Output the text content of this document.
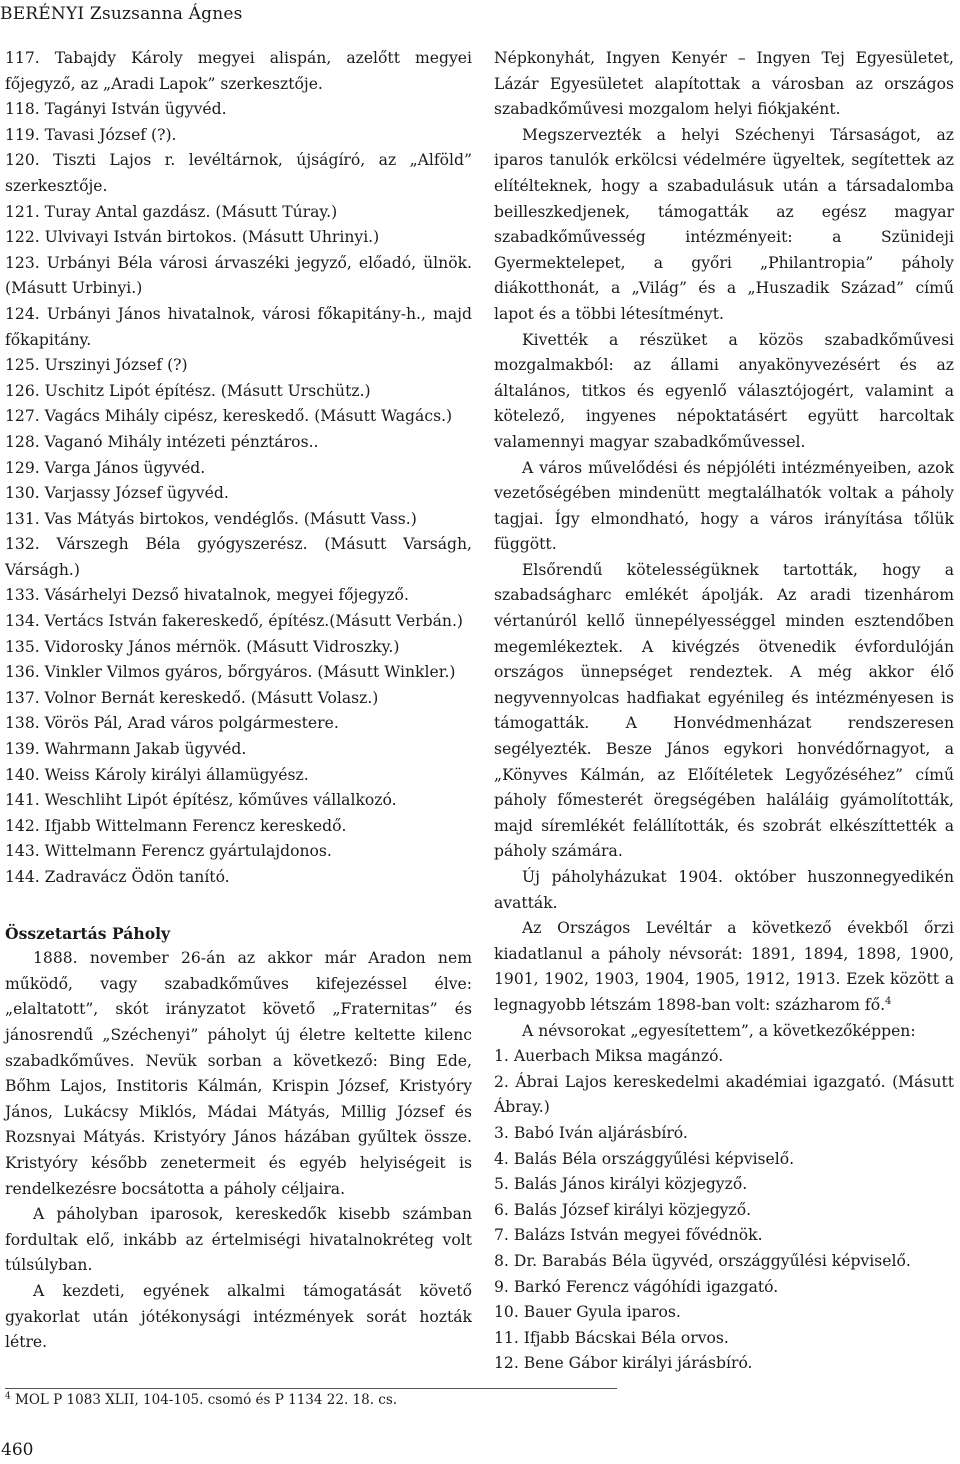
BERÉNYI Zsuzsanna Ágnes

117. Tabajdy Károly megyei alispán, azelőtt megyei főjegyző, az „Aradi Lapok” szerkesztője.

118. Tagányi István ügyvéd.

119. Tavasi József (?).

120. Tiszti Lajos r. levéltárnok, újságíró, az „Alföld” szerkesztője.

121. Turay Antal gazdász. (Másutt Túray.)

122. Ulvivayi István birtokos. (Másutt Uhrinyi.)

123. Urbányi Béla városi árvaszéki jegyző, előadó, ülnök. (Másutt Urbinyi.)

124. Urbányi János hivatalnok, városi főkapitány-h., majd főkapitány.

125. Urszinyi József (?)

126. Uschitz Lipót építész. (Másutt Urschütz.)

127. Vagács Mihály cipész, kereskedő. (Másutt Wagács.)

128. Vaganó Mihály intézeti pénztáros..

129. Varga János ügyvéd.

130. Varjassy József ügyvéd.

131. Vas Mátyás birtokos, vendéglős. (Másutt Vass.)

132. Várszegh Béla gyógyszerész. (Másutt Varságh, Várságh.)

133. Vásárhelyi Dezső hivatalnok, megyei főjegyző.

134. Vertács István fakereskedő, építész.(Másutt Verbán.)

135. Vidorosky János mérnök. (Másutt Vidroszky.)

136. Vinkler Vilmos gyáros, bőrgyáros. (Másutt Winkler.)

137. Volnor Bernát kereskedő. (Másutt Volasz.)

138. Vörös Pál, Arad város polgármestere.

139. Wahrmann Jakab ügyvéd.

140. Weiss Károly királyi államügyész.

141. Weschliht Lipót építész, kőműves vállalkozó.

142. Ifjabb Wittelmann Ferencz kereskedő.

143. Wittelmann Ferencz gyártulajdonos.

144. Zadravácz Ödön tanító.

Összetartás Páholy

1888. november 26-án az akkor már Aradon nem működő, vagy szabadkőműves kifejezéssel élve: „elaltatott”, skót irányzatot követő „Fraternitas” és jánosrendű „Széchenyi” páholyt új életre keltette kilenc szabadkőműves. Nevük sorban a következő: Bing Ede, Bőhm Lajos, Institoris Kálmán, Krispin József, Kristyóry János, Lukácsy Miklós, Mádai Mátyás, Millig József és Rozsnyai Mátyás. Kristyóry János házában gyűltek össze. Kristyóry később zenetermeit és egyéb helyiségeit is rendelkezésre bocsátotta a páholy céljaira.

A páholyban iparosok, kereskedők kisebb számban fordultak elő, inkább az értelmiségi hivatalnokréteg volt túlsúlyban.

A kezdeti, egyének alkalmi támogatását követő gyakorlat után jótékonysági intézmények sorát hozták létre.

Népkonyhát, Ingyen Kenyér – Ingyen Tej Egyesületet, Lázár Egyesületet alapítottak a városban az országos szabadkőművesi mozgalom helyi fiókjaként.

Megszervezték a helyi Széchenyi Társaságot, az iparos tanulók erkölcsi védelmére ügyeltek, segítettek az elítélteknek, hogy a szabadulásuk után a társadalomba beilleszkedjenek, támogatták az egész magyar szabadkőművesség intézményeit: a Szünideji Gyermektelepet, a győri „Philantropia” páholy diákotthonát, a „Világ” és a „Huszadik Század” című lapot és a többi létesítményt.

Kivették a részüket a közös szabadkőművesi mozgalmakból: az állami anyakönyvezésért és az általános, titkos és egyenlő választójogért, valamint a kötelező, ingyenes népoktatásért együtt harcoltak valamennyi magyar szabadkőművessel.

A város művelődési és népjóléti intézményeiben, azok vezetőségében mindenütt megtalálhatók voltak a páholy tagjai. Így elmondható, hogy a város irányítása tőlük függött.

Elsőrendű kötelességüknek tartották, hogy a szabadságharc emlékét ápolják. Az aradi tizenhárom vértanúról kellő ünnepélyességgel minden esztendőben megemlékeztek. A kivégzés ötvenedik évfordulóján országos ünnepséget rendeztek. A még akkor élő negyvennyolcas hadfiakat egyénileg és intézményesen is támogatták. A Honvédmenházat rendszeresen segélyezték. Besze János egykori honvédőrnagyot, a „Könyves Kálmán, az Előítéletek Legyőzéséhez” című páholy főmesterét öregségében haláláig gyámolították, majd síremlékét felállították, és szobrát elkészíttették a páholy számára.

Új páholyházukat 1904. október huszonnegyedikén avatták.

Az Országos Levéltár a következő évekből őrzi kiadatlanul a páholy névsorát: 1891, 1894, 1898, 1900, 1901, 1902, 1903, 1904, 1905, 1912, 1913. Ezek között a legnagyobb létszám 1898-ban volt: százharom fő.$^4$

A névsorokat „egyesítettem”, a következőképpen:

1. Auerbach Miksa magánzó.

2. Ábrai Lajos kereskedelmi akadémiai igazgató. (Másutt Ábray.)

3. Babó Iván aljárásbíró.

4. Balás Béla országgyűlési képviselő.

5. Balás János királyi közjegyző.

6. Balás József királyi közjegyző.

7. Balázs István megyei fővédnök.

8. Dr. Barabás Béla ügyvéd, országgyűlési képviselő.

9. Barkó Ferencz vágóhídi igazgató.

10. Bauer Gyula iparos.

11. Ifjabb Bácskai Béla orvos.

12. Bene Gábor királyi járásbíró.

$^4$ MOL P 1083 XLII, 104-105. csomó és P 1134 22. 18. cs.
460
